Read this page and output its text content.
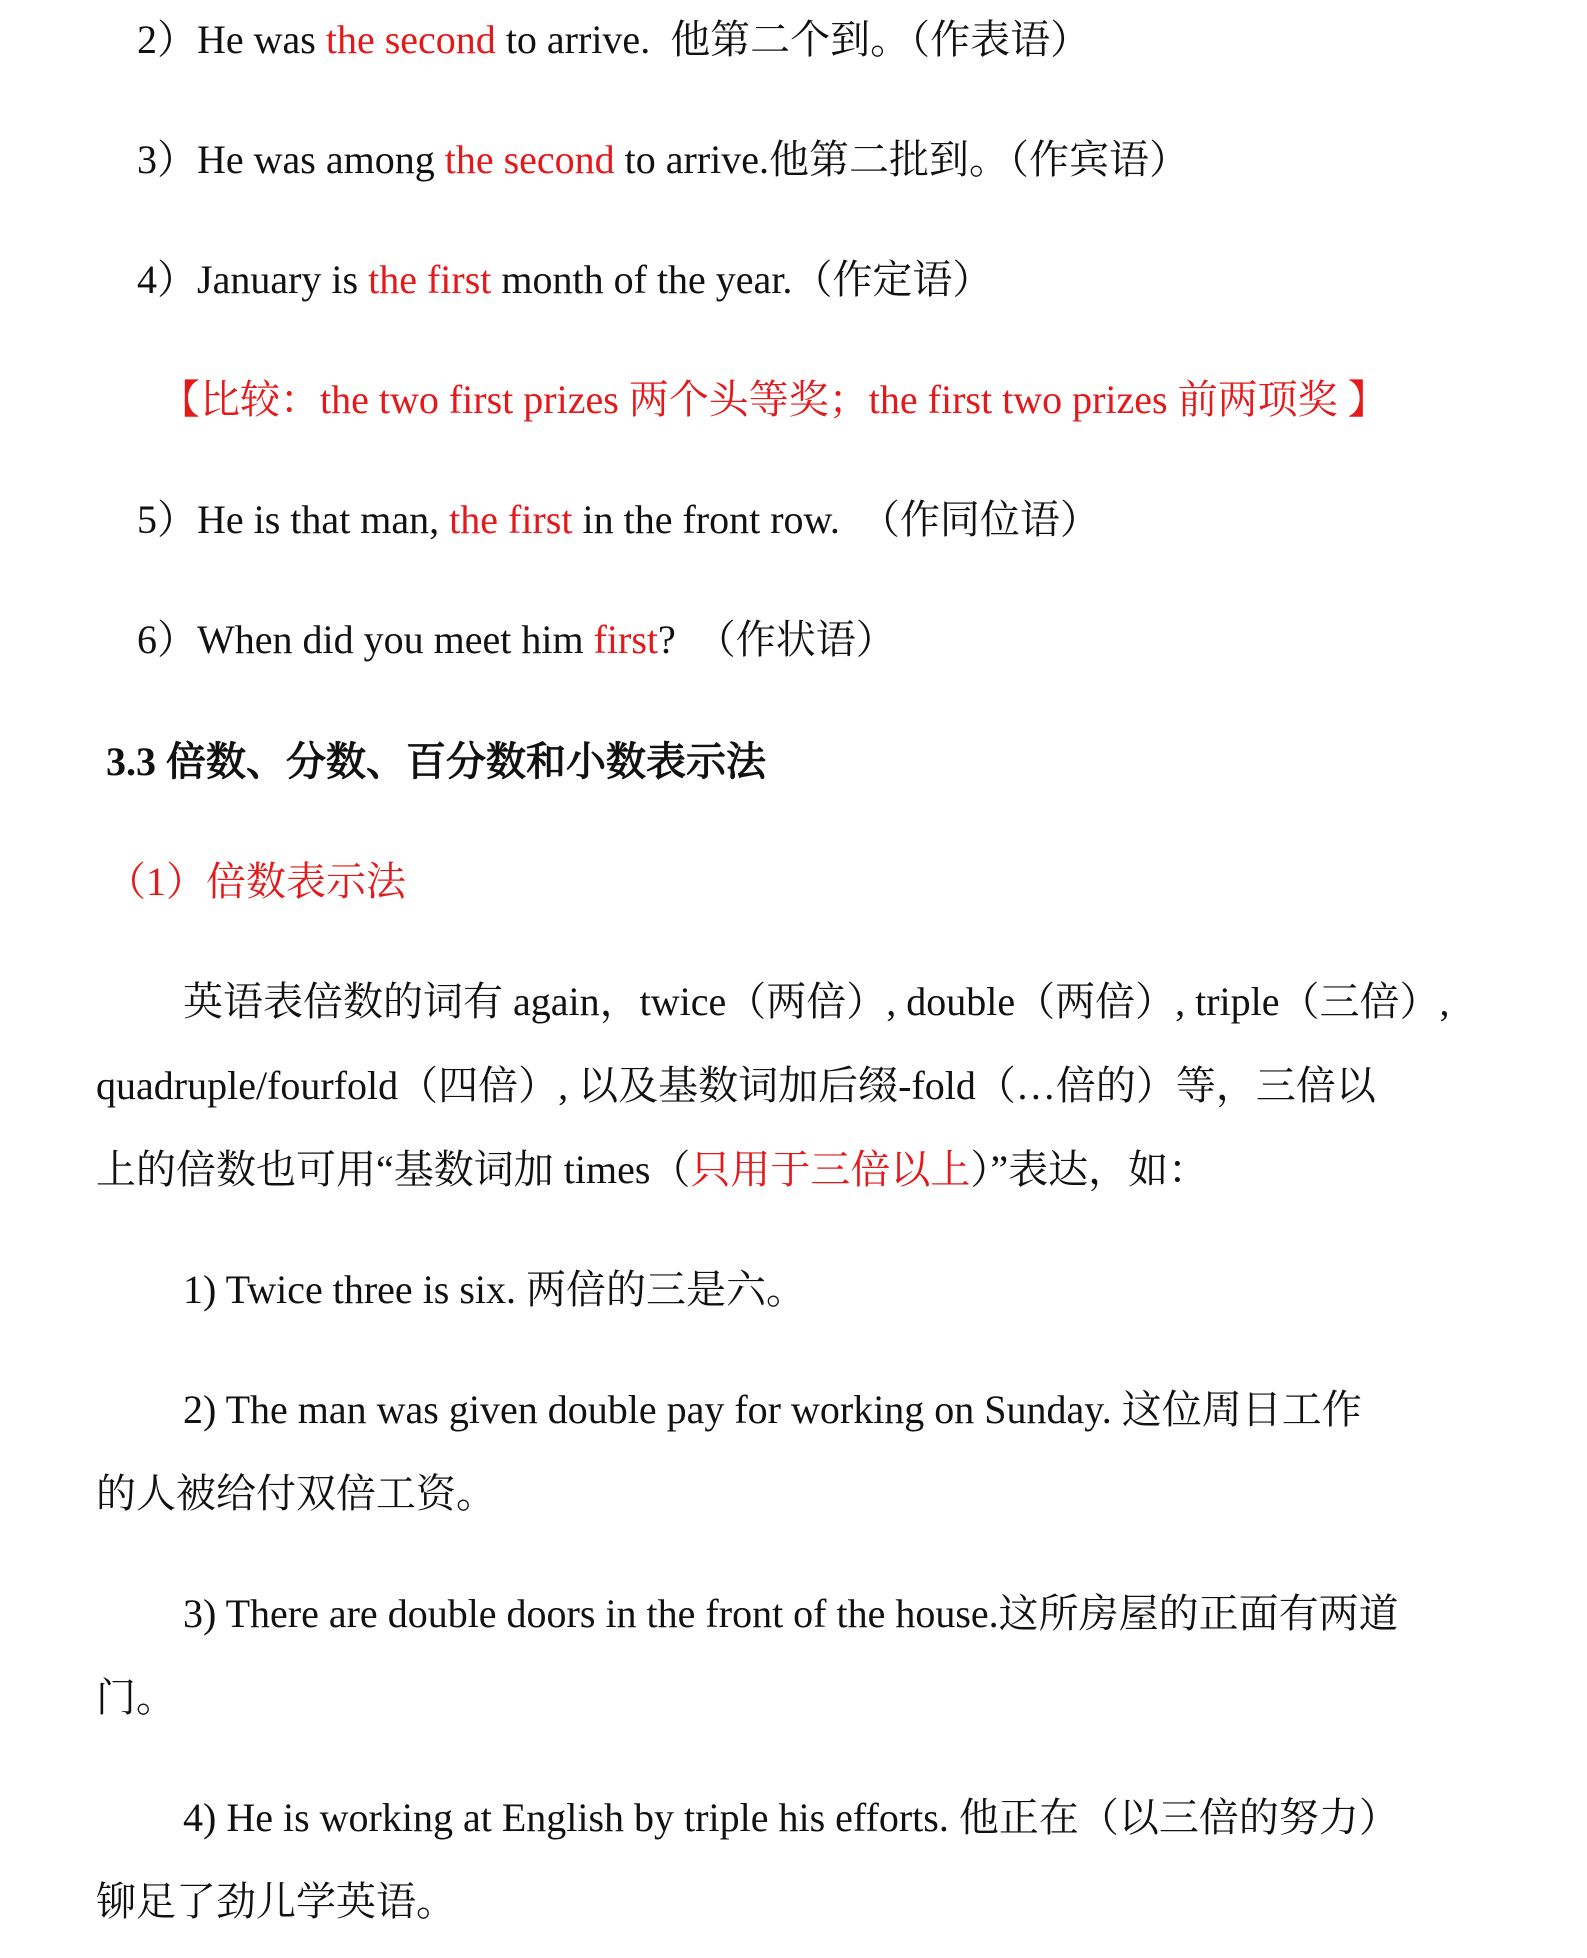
2）He was the second to arrive. 他第二个到。（作表语）

3）He was among the second to arrive.他第二批到。（作宾语）

4）January is the first month of the year.（作定语）

【比较：the two first prizes 两个头等奖；the first two prizes 前两项奖 】

5）He is that man, the first in the front row. （作同位语）

6）When did you meet him first? （作状语）

3.3 倍数、分数、百分数和小数表示法

（1）倍数表示法

英语表倍数的词有 again，twice（两倍）, double（两倍）, triple（三倍）,

quadruple/fourfold（四倍）, 以及基数词加后缀-fold（…倍的）等，三倍以

上的倍数也可用“基数词加 times（只用于三倍以上）”表达，如：

1) Twice three is six. 两倍的三是六。

2) The man was given double pay for working on Sunday. 这位周日工作

的人被给付双倍工资。

3) There are double doors in the front of the house.这所房屋的正面有两道

门。

4) He is working at English by triple his efforts. 他正在（以三倍的努力）

铆足了劲儿学英语。
